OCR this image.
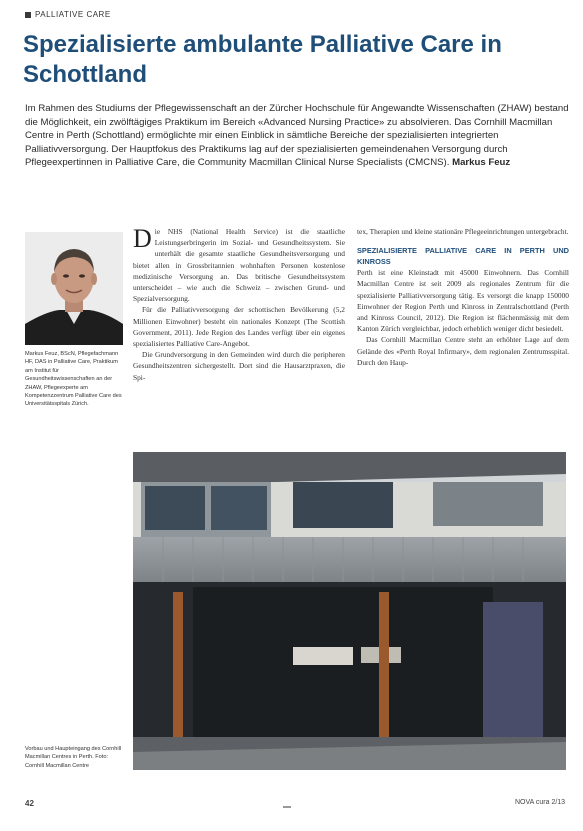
PALLIATIVE CARE
Spezialisierte ambulante Palliative Care in Schottland
Im Rahmen des Studiums der Pflegewissenschaft an der Zürcher Hochschule für Angewandte Wissenschaften (ZHAW) bestand die Möglichkeit, ein zwölftägiges Praktikum im Bereich «Advanced Nursing Practice» zu absolvieren. Das Cornhill Macmillan Centre in Perth (Schottland) ermöglichte mir einen Einblick in sämtliche Bereiche der spezialisierten integrierten Palliativversorgung. Der Hauptfokus des Praktikums lag auf der spezialisierten gemeindenahen Versorgung durch Pflegeexpertinnen in Palliative Care, die Community Macmillan Clinical Nurse Specialists (CMCNS). Markus Feuz
Markus Feuz, BScN, Pflegefachmann HF, DAS in Palliative Care, Praktikum am Institut für Gesundheitswissenschaften an der ZHAW, Pflegeexperte am Kompetenzzentrum Palliative Care des Universitätsspitals Zürich.

Die NHS (National Health Service) ist die staatliche Leistungserbringerin im Sozial- und Gesundheitssystem. Sie unterhält die gesamte staatliche Gesundheitsversorgung und bietet allen in Grossbritannien wohnhaften Personen kostenlose medizinische Versorgung an. Das britische Gesundheitssystem unterscheidet – wie auch die Schweiz – zwischen Grund- und Spezialversorgung.

Für die Palliativversorgung der schottischen Bevölkerung (5,2 Millionen Einwohner) besteht ein nationales Konzept (The Scottish Government, 2011). Jede Region des Landes verfügt über ein eigenes spezialisiertes Palliative Care-Angebot.

Die Grundversorgung in den Gemeinden wird durch die peripheren Gesundheitszentren sichergestellt. Dort sind die Hausarztpraxen, die Spi-

tex, Therapien und kleine stationäre Pflegeeinrichtungen untergebracht.

SPEZIALISIERTE PALLIATIVE CARE IN PERTH UND KINROSS

Perth ist eine Kleinstadt mit 45000 Einwohnern. Das Cornhill Macmillan Centre ist seit 2009 als regionales Zentrum für die spezialisierte Palliativversorgung tätig. Es versorgt die knapp 150000 Einwohner der Region Perth und Kinross in Zentralschottland (Perth and Kinross Council, 2012). Die Region ist flächenmässig mit dem Kanton Zürich vergleichbar, jedoch erheblich weniger dicht besiedelt.

Das Cornhill Macmillan Centre steht an erhöhter Lage auf dem Gelände des «Perth Royal Infirmary», dem regionalen Zentrumsspital. Durch den Haup-

Vorbau und Haupteingang des Cornhill Macmillan Centres in Perth. Foto: Cornhill Macmillan Centre
42	NOVA cura 2/13
